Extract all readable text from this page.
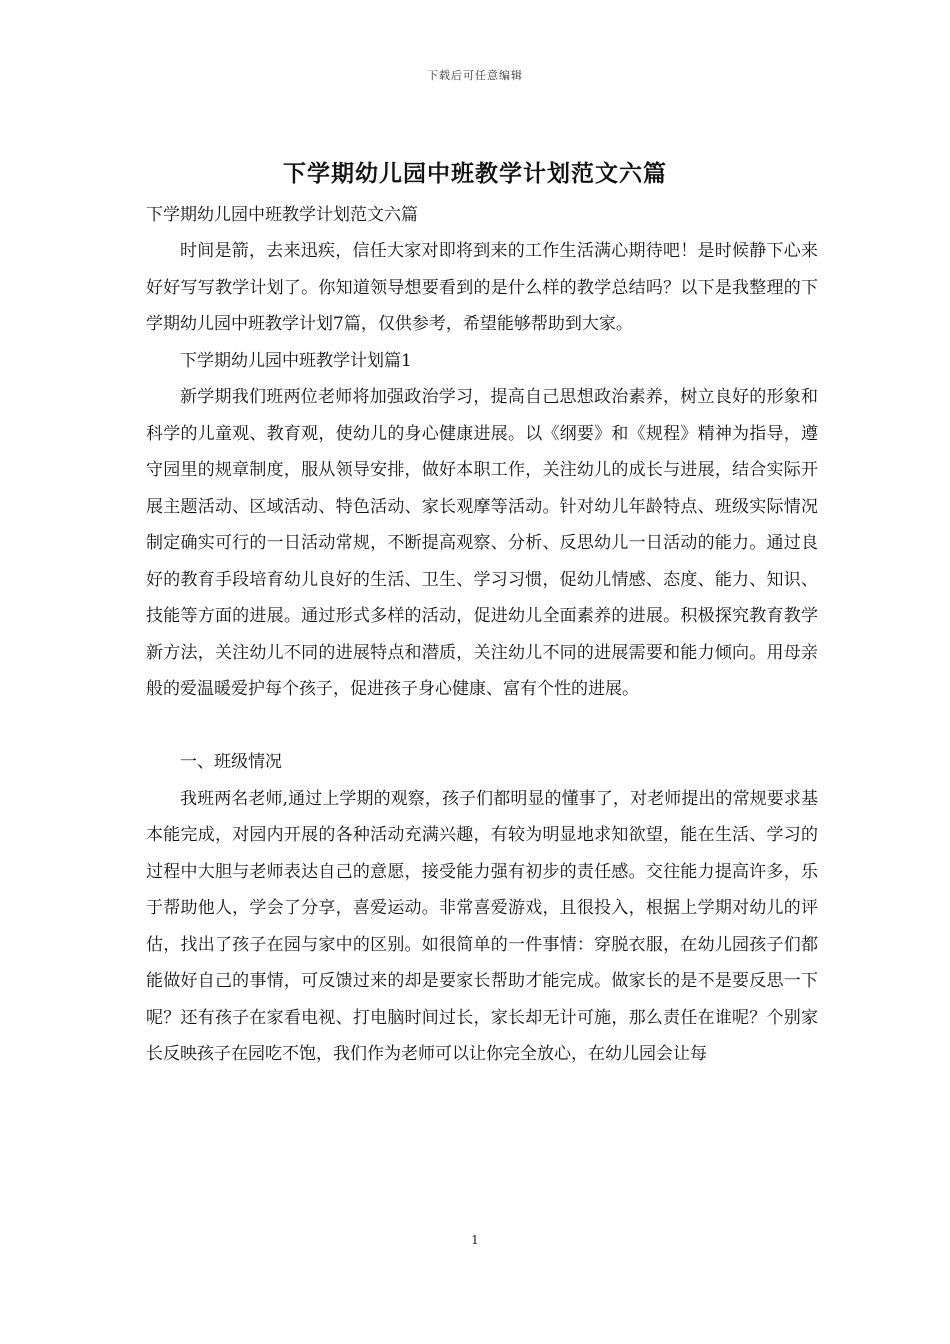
下载后可任意编辑
下学期幼儿园中班教学计划范文六篇
下学期幼儿园中班教学计划范文六篇

时间是箭，去来迅疾，信任大家对即将到来的工作生活满心期待吧！是时候静下心来好好写写教学计划了。你知道领导想要看到的是什么样的教学总结吗？以下是我整理的下学期幼儿园中班教学计划7篇，仅供参考，希望能够帮助到大家。

下学期幼儿园中班教学计划篇1

新学期我们班两位老师将加强政治学习，提高自己思想政治素养，树立良好的形象和科学的儿童观、教育观，使幼儿的身心健康进展。以《纲要》和《规程》精神为指导，遵守园里的规章制度，服从领导安排，做好本职工作，关注幼儿的成长与进展，结合实际开展主题活动、区域活动、特色活动、家长观摩等活动。针对幼儿年龄特点、班级实际情况制定确实可行的一日活动常规，不断提高观察、分析、反思幼儿一日活动的能力。通过良好的教育手段培育幼儿良好的生活、卫生、学习习惯，促幼儿情感、态度、能力、知识、技能等方面的进展。通过形式多样的活动，促进幼儿全面素养的进展。积极探究教育教学新方法，关注幼儿不同的进展特点和潜质，关注幼儿不同的进展需要和能力倾向。用母亲般的爱温暖爱护每个孩子，促进孩子身心健康、富有个性的进展。

一、班级情况

我班两名老师,通过上学期的观察，孩子们都明显的懂事了，对老师提出的常规要求基本能完成，对园内开展的各种活动充满兴趣，有较为明显地求知欲望，能在生活、学习的过程中大胆与老师表达自己的意愿，接受能力强有初步的责任感。交往能力提高许多，乐于帮助他人，学会了分享，喜爱运动。非常喜爱游戏，且很投入，根据上学期对幼儿的评估，找出了孩子在园与家中的区别。如很简单的一件事情：穿脱衣服，在幼儿园孩子们都能做好自己的事情，可反馈过来的却是要家长帮助才能完成。做家长的是不是要反思一下呢？还有孩子在家看电视、打电脑时间过长，家长却无计可施，那么责任在谁呢？个别家长反映孩子在园吃不饱，我们作为老师可以让你完全放心，在幼儿园会让每

1
